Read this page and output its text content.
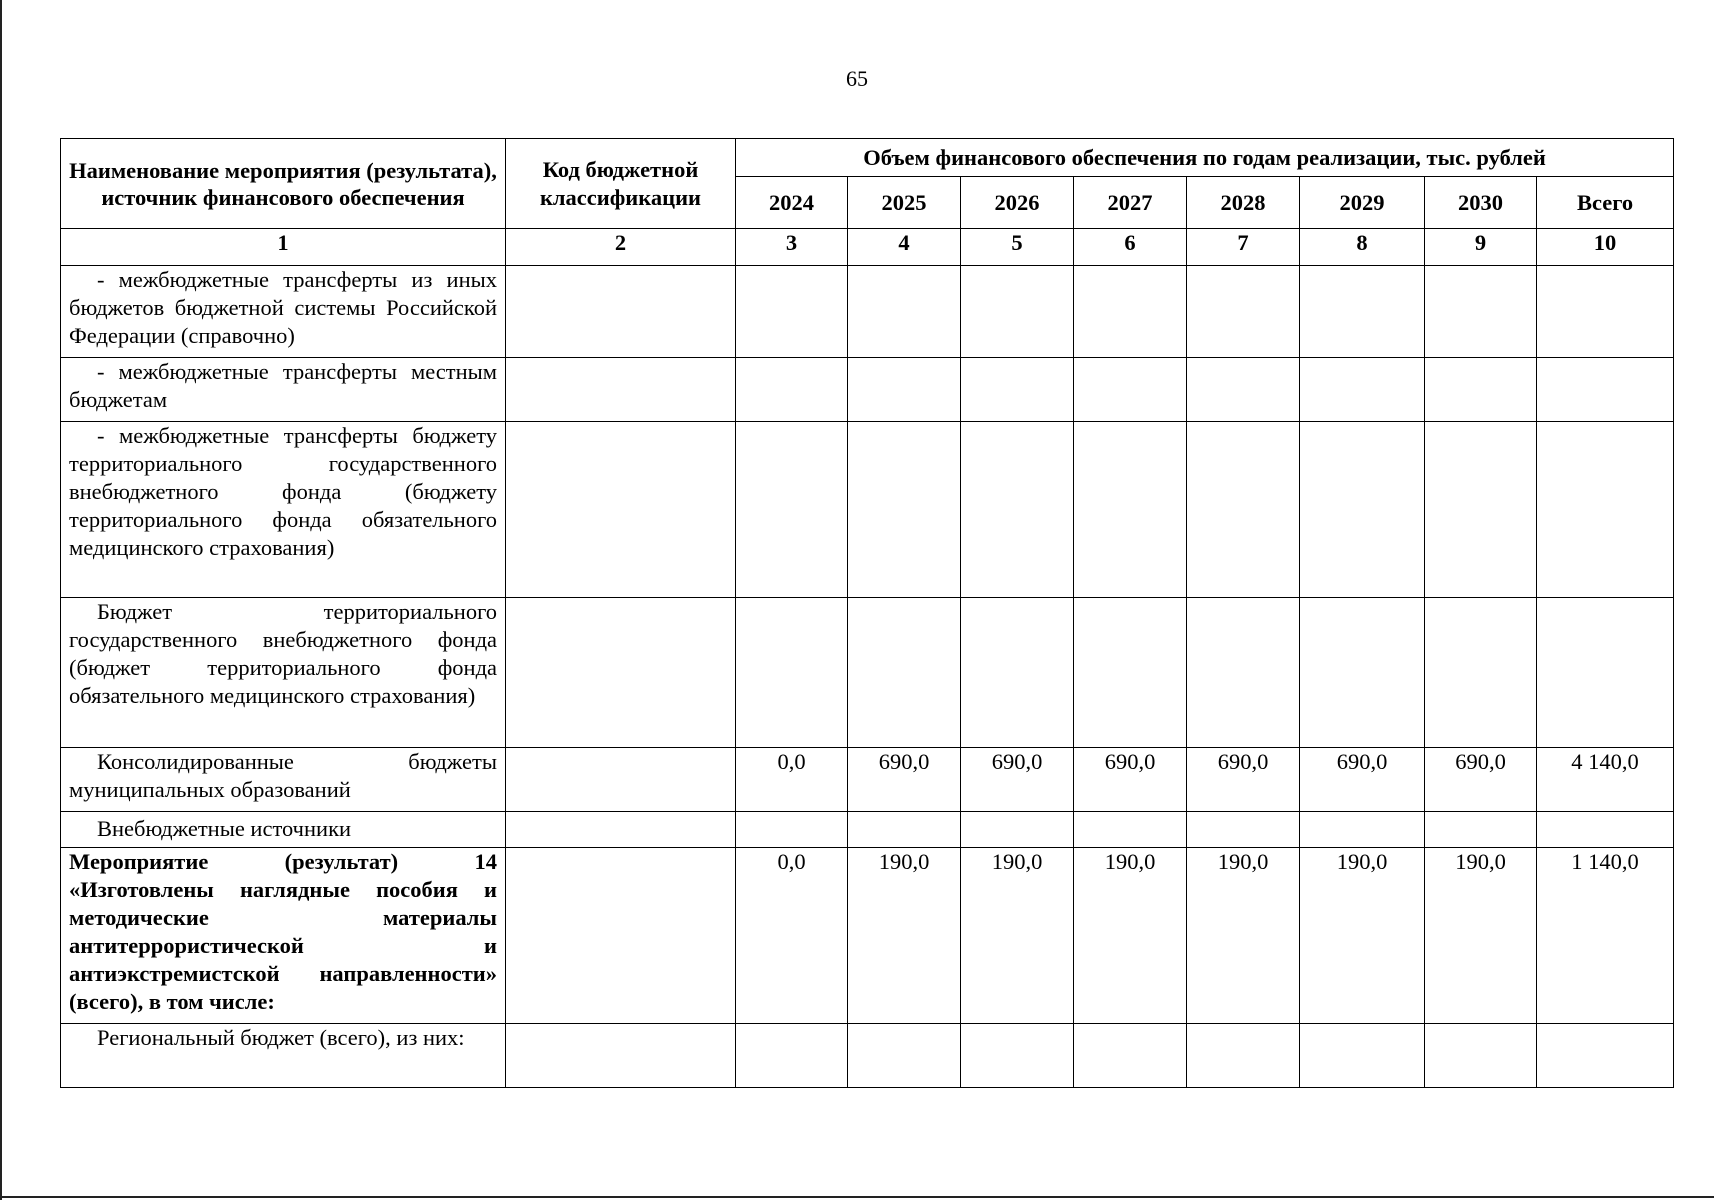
65
Наименование мероприятия (результата), источник финансового обеспечения	Код бюджетной классификации	Объем финансового обеспечения по годам реализации, тыс. рублей							
		2024	2025	2026	2027	2028	2029	2030	Всего
1	2	3	4	5	6	7	8	9	10
- межбюджетные трансферты из иных бюджетов бюджетной системы Российской Федерации (справочно)									
- межбюджетные трансферты местным бюджетам									
- межбюджетные трансферты бюджету территориального государственного внебюджетного фонда (бюджету территориального фонда обязательного медицинского страхования)									
Бюджет территориального государственного внебюджетного фонда (бюджет территориального фонда обязательного медицинского страхования)									
Консолидированные бюджеты муниципальных образований		0,0	690,0	690,0	690,0	690,0	690,0	690,0	4 140,0
Внебюджетные источники									
Мероприятие (результат) 14 «Изготовлены наглядные пособия и методические материалы антитеррористической и антиэкстремистской направленности» (всего), в том числе:		0,0	190,0	190,0	190,0	190,0	190,0	190,0	1 140,0
Региональный бюджет (всего), из них:									
